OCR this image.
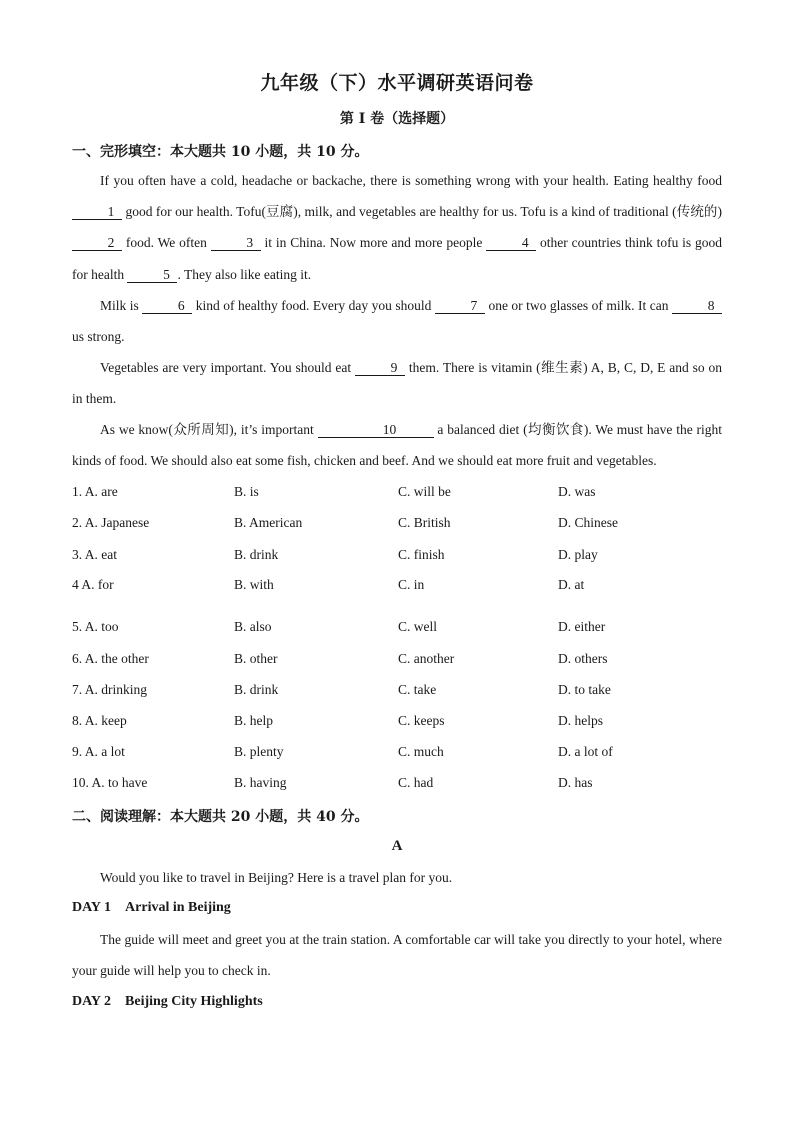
九年级（下）水平调研英语问卷
第 I 卷（选择题）
一、完形填空：本大题共 10 小题，共 10 分。
If you often have a cold, headache or backache, there is something wrong with your health. Eating healthy food 1 good for our health. Tofu(豆腐), milk, and vegetables are healthy for us. Tofu is a kind of traditional (传统的) 2 food. We often	3 it in China. Now more and more people	4 other countries think tofu is good for health	5 . They also like eating it.
Milk is	6 kind of healthy food. Every day you should	7 one or two glasses of milk. It can	8 us strong.
Vegetables are very important. You should eat	9 them. There is vitamin (维生素) A, B, C, D, E and so on in them.
As we know(众所周知), it’s important	10	a balanced diet (均衡饮食). We must have the right kinds of food. We should also eat some fish, chicken and beef. And we should eat more fruit and vegetables.
1. A. are	B. is	C. will be	D. was
2. A. Japanese	B. American	C. British	D. Chinese
3. A. eat	B. drink	C. finish	D. play
4 A. for	B. with	C. in	D. at
5. A. too	B. also	C. well	D. either
6. A. the other	B. other	C. another	D. others
7. A. drinking	B. drink	C. take	D. to take
8. A. keep	B. help	C. keeps	D. helps
9. A. a lot	B. plenty	C. much	D. a lot of
10. A. to have	B. having	C. had	D. has
二、阅读理解：本大题共 20 小题，共 40 分。
A
Would you like to travel in Beijing? Here is a travel plan for you.
DAY 1 Arrival in Beijing
The guide will meet and greet you at the train station. A comfortable car will take you directly to your hotel, where your guide will help you to check in.
DAY 2 Beijing City Highlights
